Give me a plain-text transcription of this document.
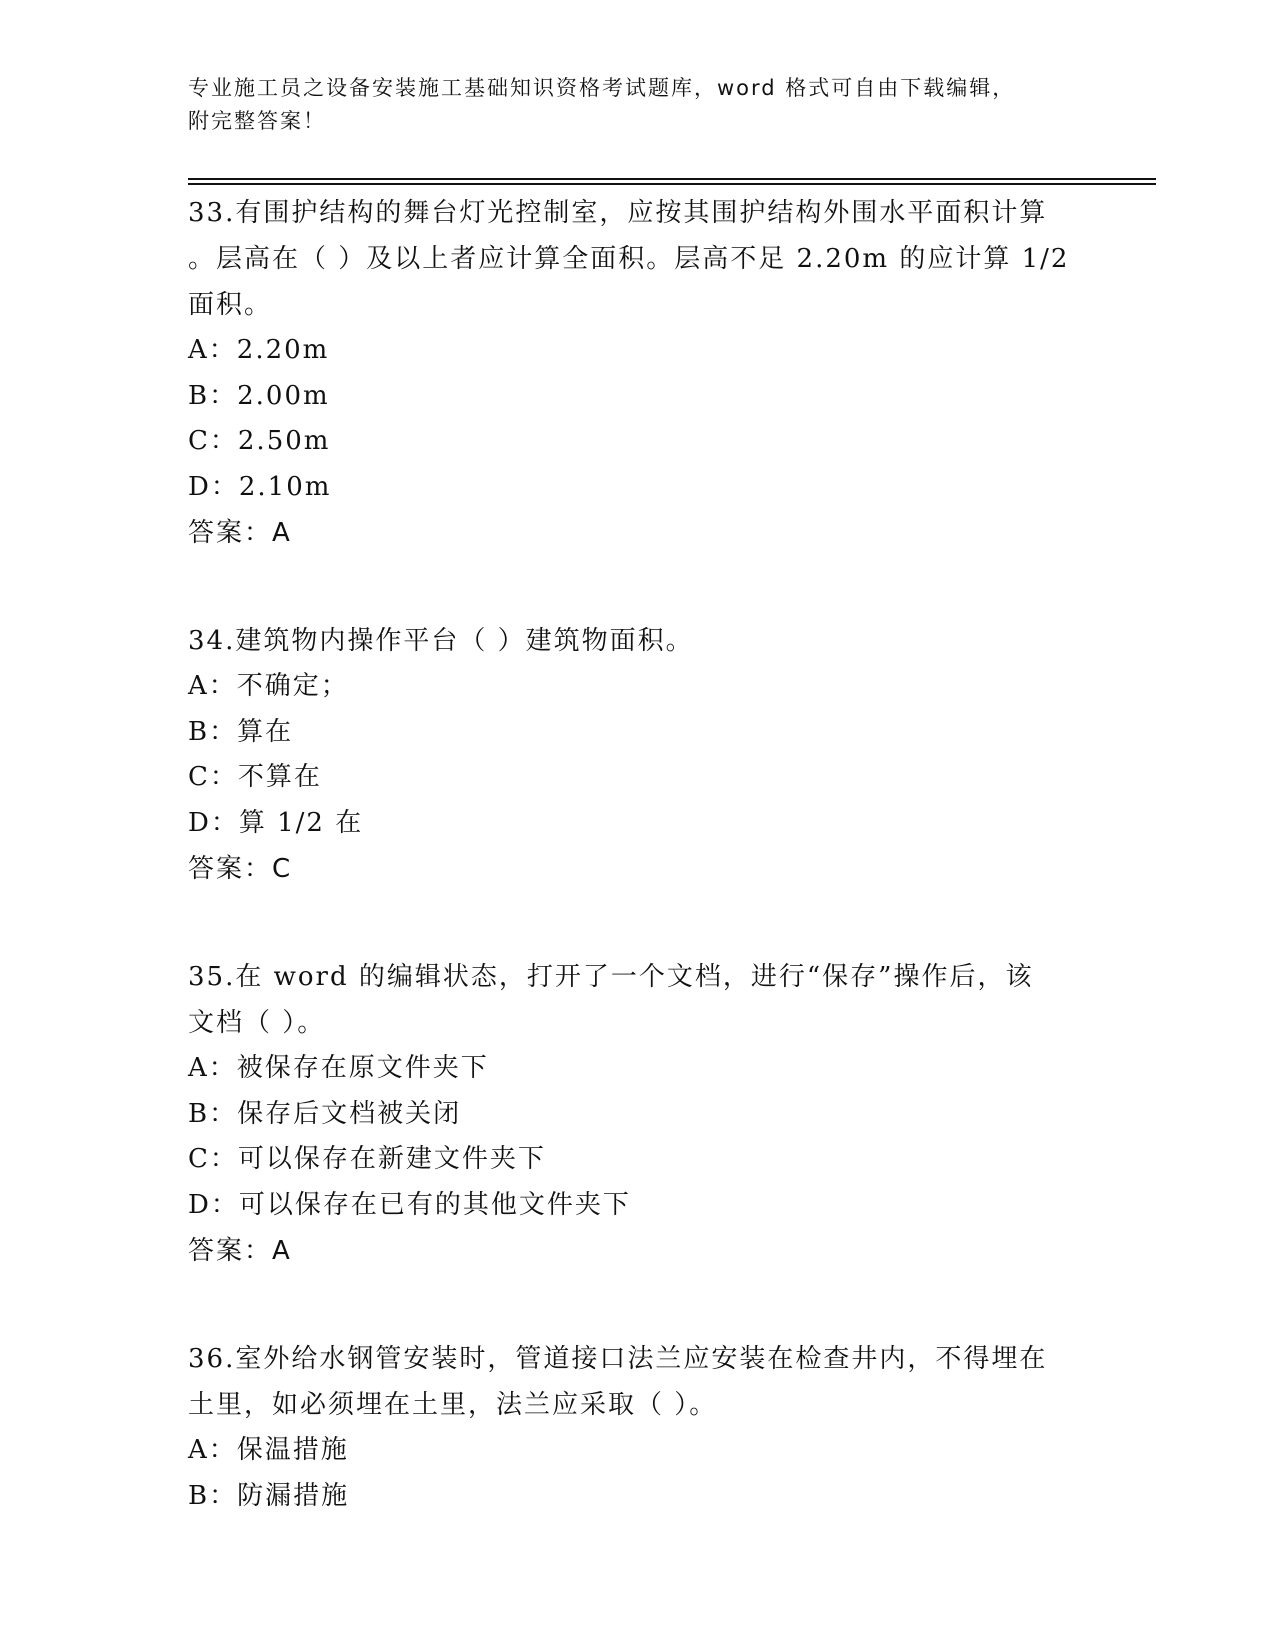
专业施工员之设备安装施工基础知识资格考试题库，word 格式可自由下载编辑，
附完整答案！

33.有围护结构的舞台灯光控制室，应按其围护结构外围水平面积计算

。层高在（ ）及以上者应计算全面积。层高不足 2.20m 的应计算 1/2

面积。

A：2.20m

B：2.00m

C：2.50m

D：2.10m

答案：A

34.建筑物内操作平台（ ）建筑物面积。

A：不确定；

B：算在

C：不算在

D：算 1/2 在

答案：C

35.在 word 的编辑状态，打开了一个文档，进行“保存”操作后，该

文档（ ）。

A：被保存在原文件夹下

B：保存后文档被关闭

C：可以保存在新建文件夹下

D：可以保存在已有的其他文件夹下

答案：A

36.室外给水钢管安装时，管道接口法兰应安装在检查井内，不得埋在

土里，如必须埋在土里，法兰应采取（ ）。

A：保温措施

B：防漏措施
